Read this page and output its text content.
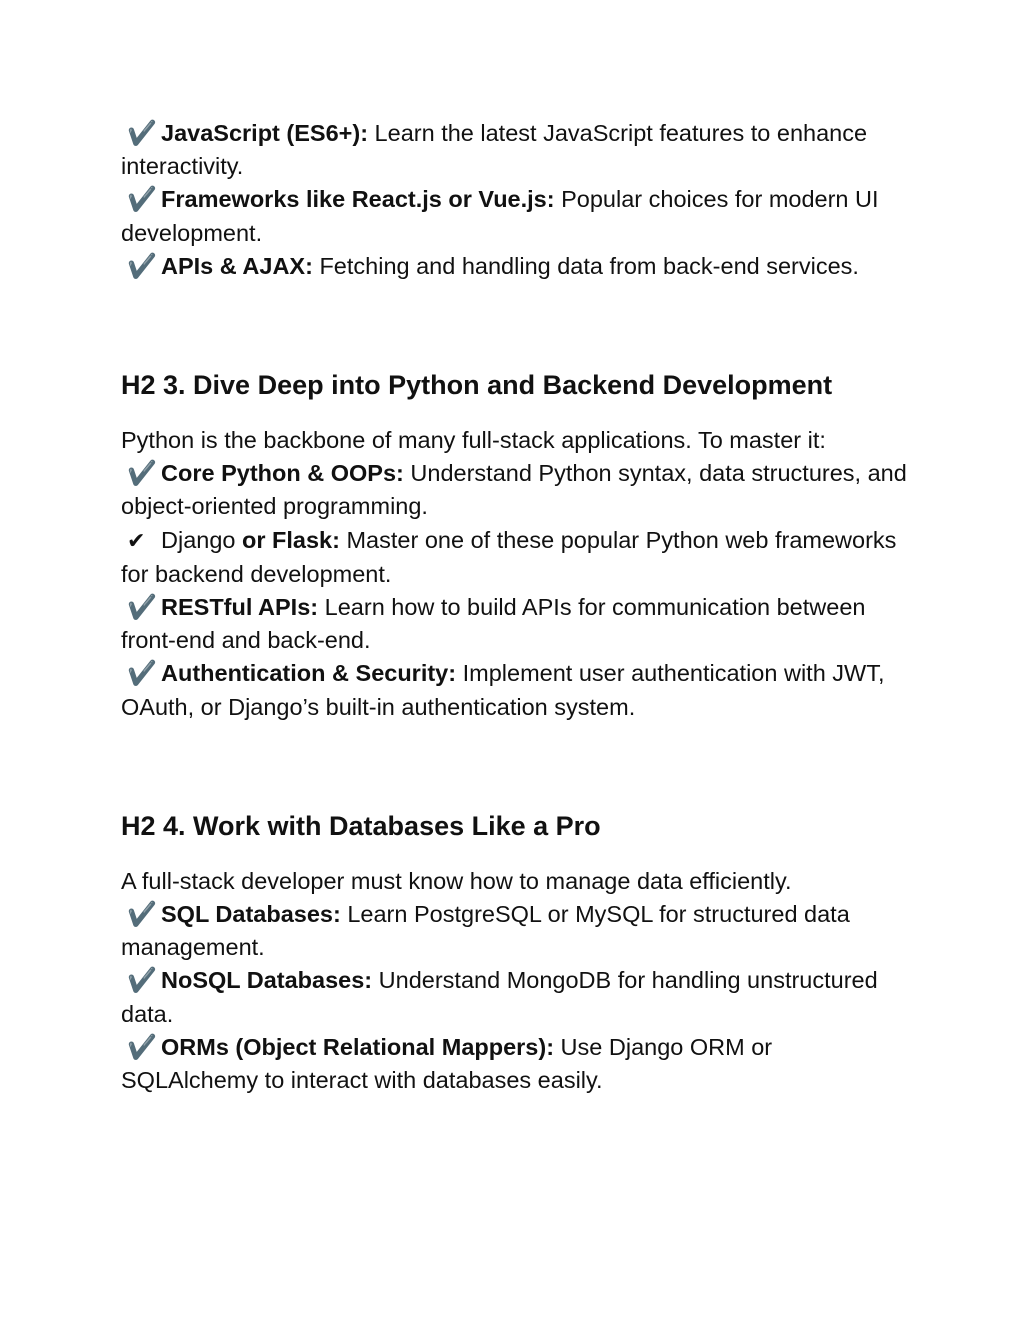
✔️ JavaScript (ES6+): Learn the latest JavaScript features to enhance interactivity.

✔️ Frameworks like React.js or Vue.js: Popular choices for modern UI development.

✔️ APIs & AJAX: Fetching and handling data from back-end services.

H2 3. Dive Deep into Python and Backend Development

Python is the backbone of many full-stack applications. To master it:

✔️ Core Python & OOPs: Understand Python syntax, data structures, and object-oriented programming.

✔ Django or Flask: Master one of these popular Python web frameworks for backend development.

✔️ RESTful APIs: Learn how to build APIs for communication between front-end and back-end.

✔️ Authentication & Security: Implement user authentication with JWT, OAuth, or Django’s built-in authentication system.

H2 4. Work with Databases Like a Pro

A full-stack developer must know how to manage data efficiently.

✔️ SQL Databases: Learn PostgreSQL or MySQL for structured data management.

✔️ NoSQL Databases: Understand MongoDB for handling unstructured data.

✔️ ORMs (Object Relational Mappers): Use Django ORM or SQLAlchemy to interact with databases easily.
